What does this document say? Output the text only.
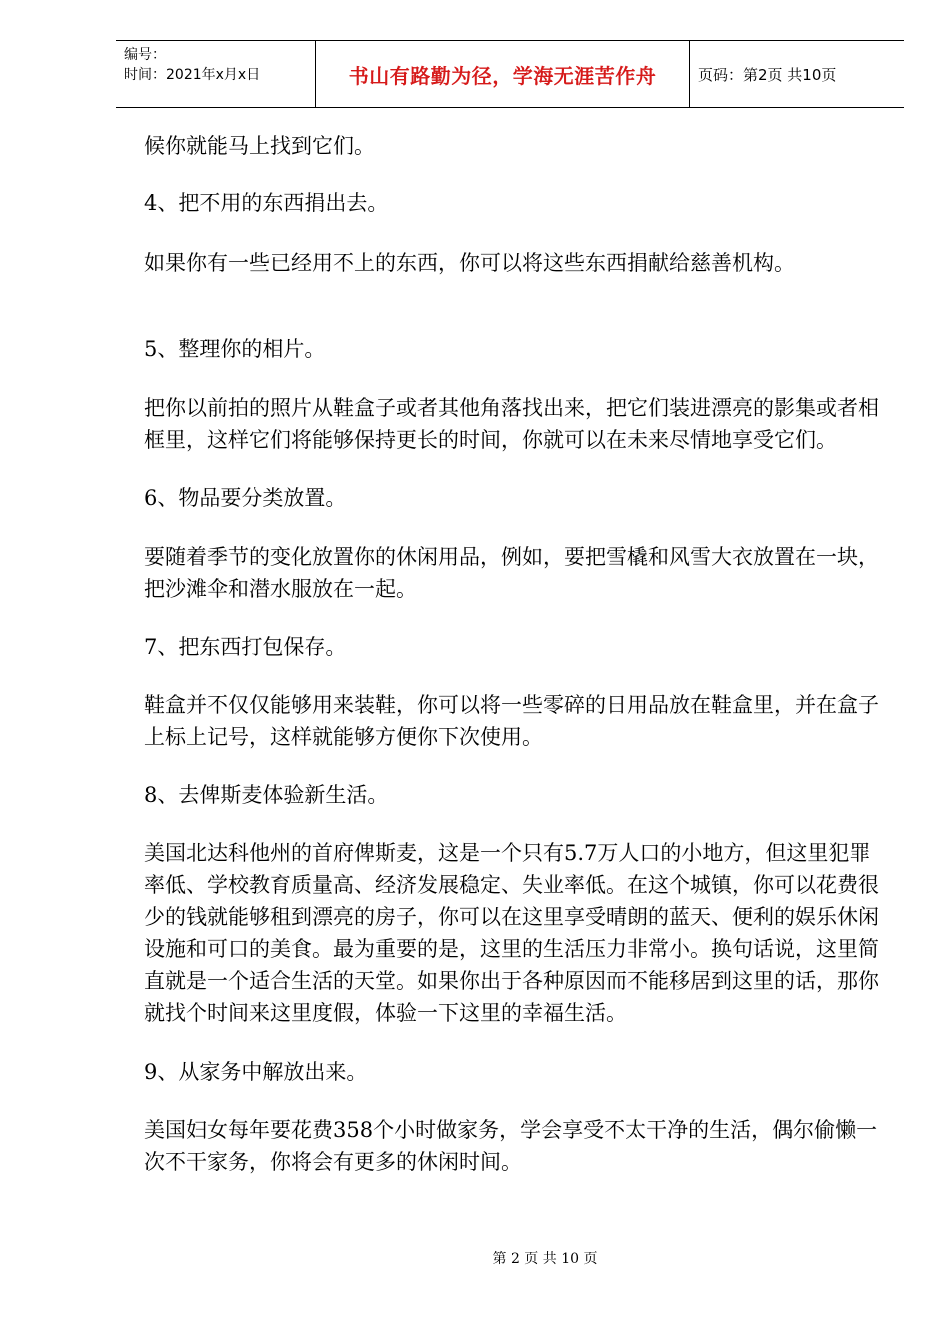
编号：
时间：2021年x月x日	书山有路勤为径，学海无涯苦作舟	页码：第2页 共10页

候你就能马上找到它们。

4、把不用的东西捐出去。

如果你有一些已经用不上的东西，你可以将这些东西捐献给慈善机构。

5、整理你的相片。

把你以前拍的照片从鞋盒子或者其他角落找出来，把它们装进漂亮的影集或者相框里，这样它们将能够保持更长的时间，你就可以在未来尽情地享受它们。

6、物品要分类放置。

要随着季节的变化放置你的休闲用品，例如，要把雪橇和风雪大衣放置在一块，把沙滩伞和潜水服放在一起。

7、把东西打包保存。

鞋盒并不仅仅能够用来装鞋，你可以将一些零碎的日用品放在鞋盒里，并在盒子上标上记号，这样就能够方便你下次使用。

8、去俾斯麦体验新生活。

美国北达科他州的首府俾斯麦，这是一个只有5.7万人口的小地方，但这里犯罪率低、学校教育质量高、经济发展稳定、失业率低。在这个城镇，你可以花费很少的钱就能够租到漂亮的房子，你可以在这里享受晴朗的蓝天、便利的娱乐休闲设施和可口的美食。最为重要的是，这里的生活压力非常小。换句话说，这里简直就是一个适合生活的天堂。如果你出于各种原因而不能移居到这里的话，那你就找个时间来这里度假，体验一下这里的幸福生活。

9、从家务中解放出来。

美国妇女每年要花费358个小时做家务，学会享受不太干净的生活，偶尔偷懒一次不干家务，你将会有更多的休闲时间。

第 2 页 共 10 页
